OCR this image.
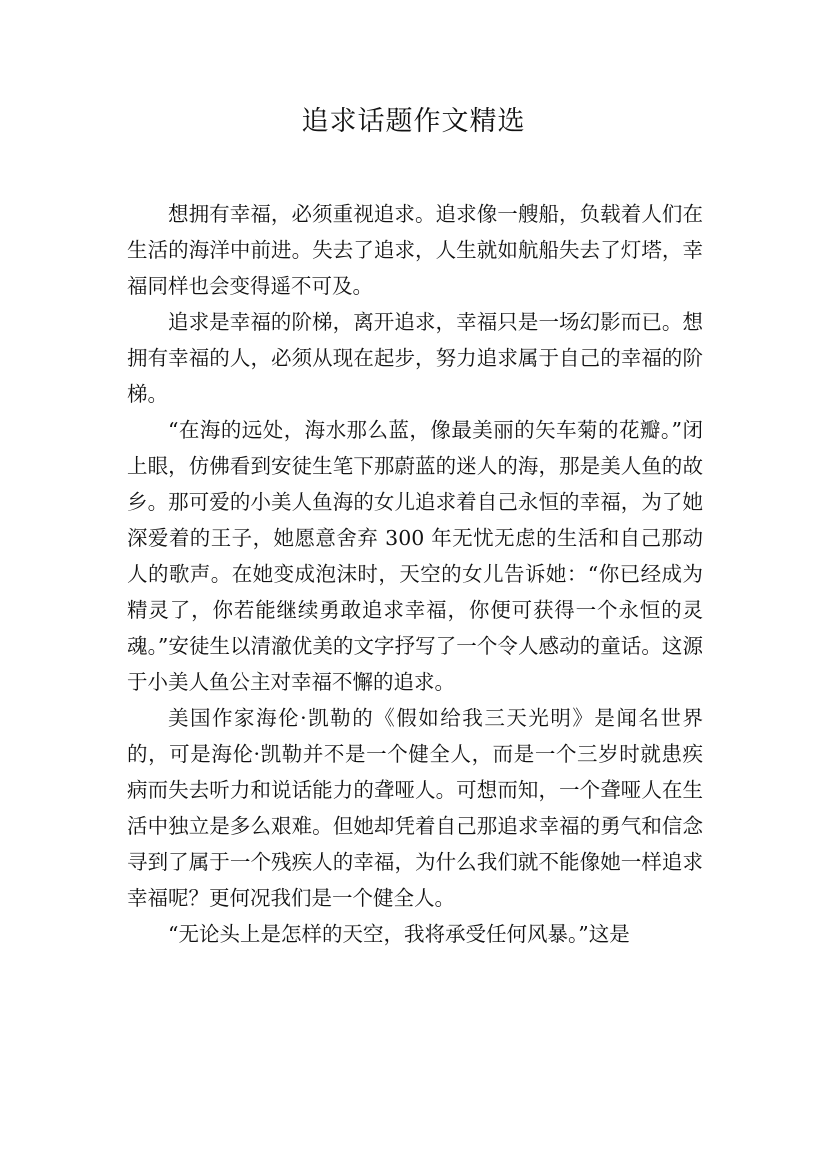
追求话题作文精选

想拥有幸福，必须重视追求。追求像一艘船，负载着人们在生活的海洋中前进。失去了追求，人生就如航船失去了灯塔，幸福同样也会变得遥不可及。

追求是幸福的阶梯，离开追求，幸福只是一场幻影而已。想拥有幸福的人，必须从现在起步，努力追求属于自己的幸福的阶梯。

“在海的远处，海水那么蓝，像最美丽的矢车菊的花瓣。”闭上眼，仿佛看到安徒生笔下那蔚蓝的迷人的海，那是美人鱼的故乡。那可爱的小美人鱼海的女儿追求着自己永恒的幸福，为了她深爱着的王子，她愿意舍弃 300 年无忧无虑的生活和自己那动人的歌声。在她变成泡沫时，天空的女儿告诉她：“你已经成为精灵了，你若能继续勇敢追求幸福，你便可获得一个永恒的灵魂。”安徒生以清澈优美的文字抒写了一个令人感动的童话。这源于小美人鱼公主对幸福不懈的追求。

美国作家海伦·凯勒的《假如给我三天光明》是闻名世界的，可是海伦·凯勒并不是一个健全人，而是一个三岁时就患疾病而失去听力和说话能力的聋哑人。可想而知，一个聋哑人在生活中独立是多么艰难。但她却凭着自己那追求幸福的勇气和信念寻到了属于一个残疾人的幸福，为什么我们就不能像她一样追求幸福呢？更何况我们是一个健全人。

“无论头上是怎样的天空，我将承受任何风暴。”这是
